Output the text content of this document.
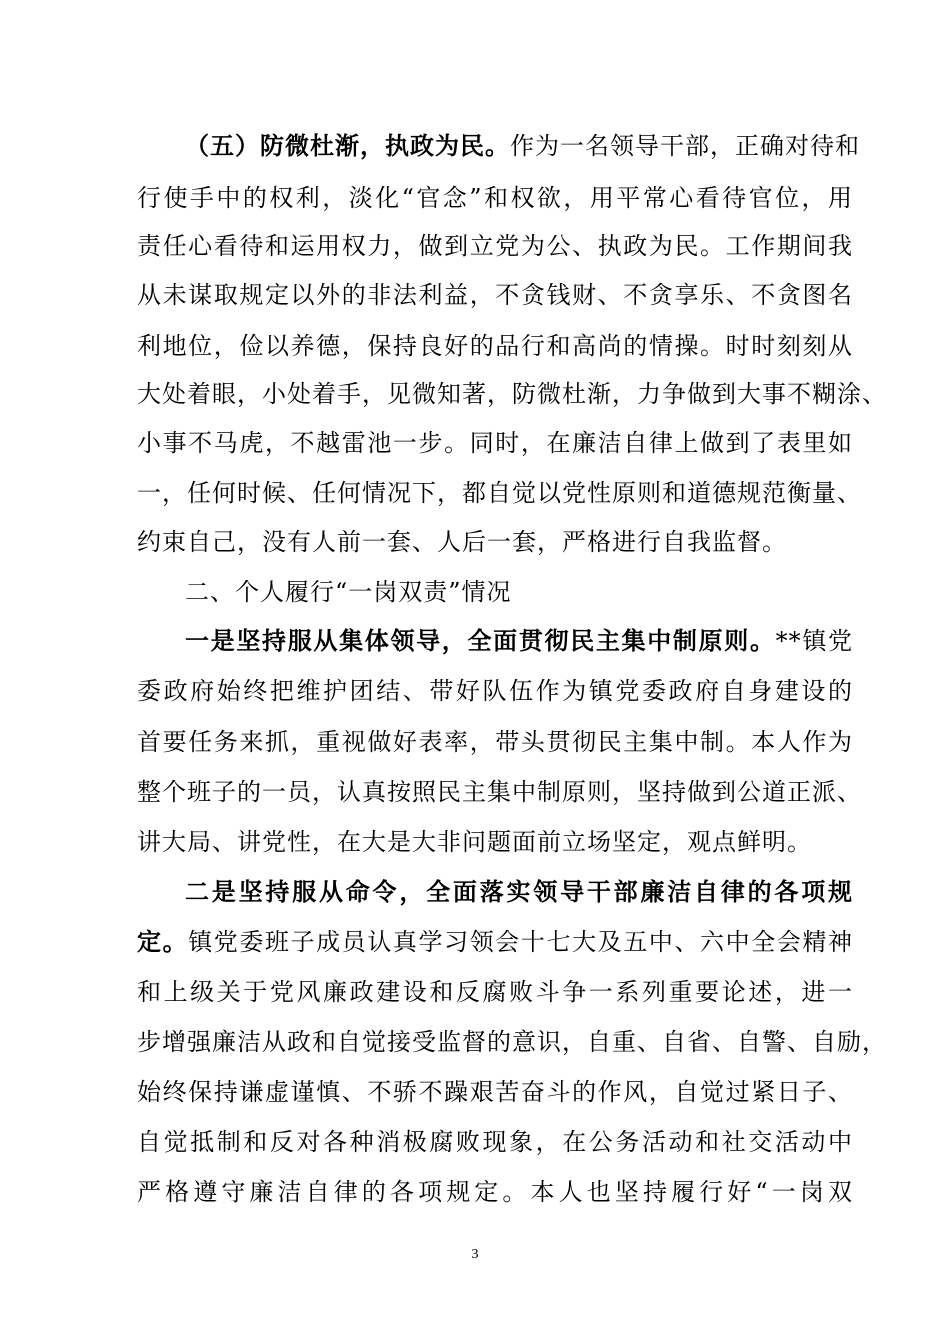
（五）防微杜渐，执政为民。作为一名领导干部，正确对待和
行使手中的权利，淡化“官念”和权欲，用平常心看待官位，用
责任心看待和运用权力，做到立党为公、执政为民。工作期间我
从未谋取规定以外的非法利益，不贪钱财、不贪享乐、不贪图名
利地位，俭以养德，保持良好的品行和高尚的情操。时时刻刻从
大处着眼，小处着手，见微知著，防微杜渐，力争做到大事不糊涂、
小事不马虎，不越雷池一步。同时，在廉洁自律上做到了表里如
一，任何时候、任何情况下，都自觉以党性原则和道德规范衡量、
约束自己，没有人前一套、人后一套，严格进行自我监督。
二、个人履行“一岗双责”情况
一是坚持服从集体领导，全面贯彻民主集中制原则。**镇党
委政府始终把维护团结、带好队伍作为镇党委政府自身建设的
首要任务来抓，重视做好表率，带头贯彻民主集中制。本人作为
整个班子的一员，认真按照民主集中制原则，坚持做到公道正派、
讲大局、讲党性，在大是大非问题面前立场坚定，观点鲜明。
二是坚持服从命令，全面落实领导干部廉洁自律的各项规
定。镇党委班子成员认真学习领会十七大及五中、六中全会精神
和上级关于党风廉政建设和反腐败斗争一系列重要论述，进一
步增强廉洁从政和自觉接受监督的意识，自重、自省、自警、自励，
始终保持谦虚谨慎、不骄不躁艰苦奋斗的作风，自觉过紧日子、
自觉抵制和反对各种消极腐败现象，在公务活动和社交活动中
严格遵守廉洁自律的各项规定。本人也坚持履行好“一岗双
3
